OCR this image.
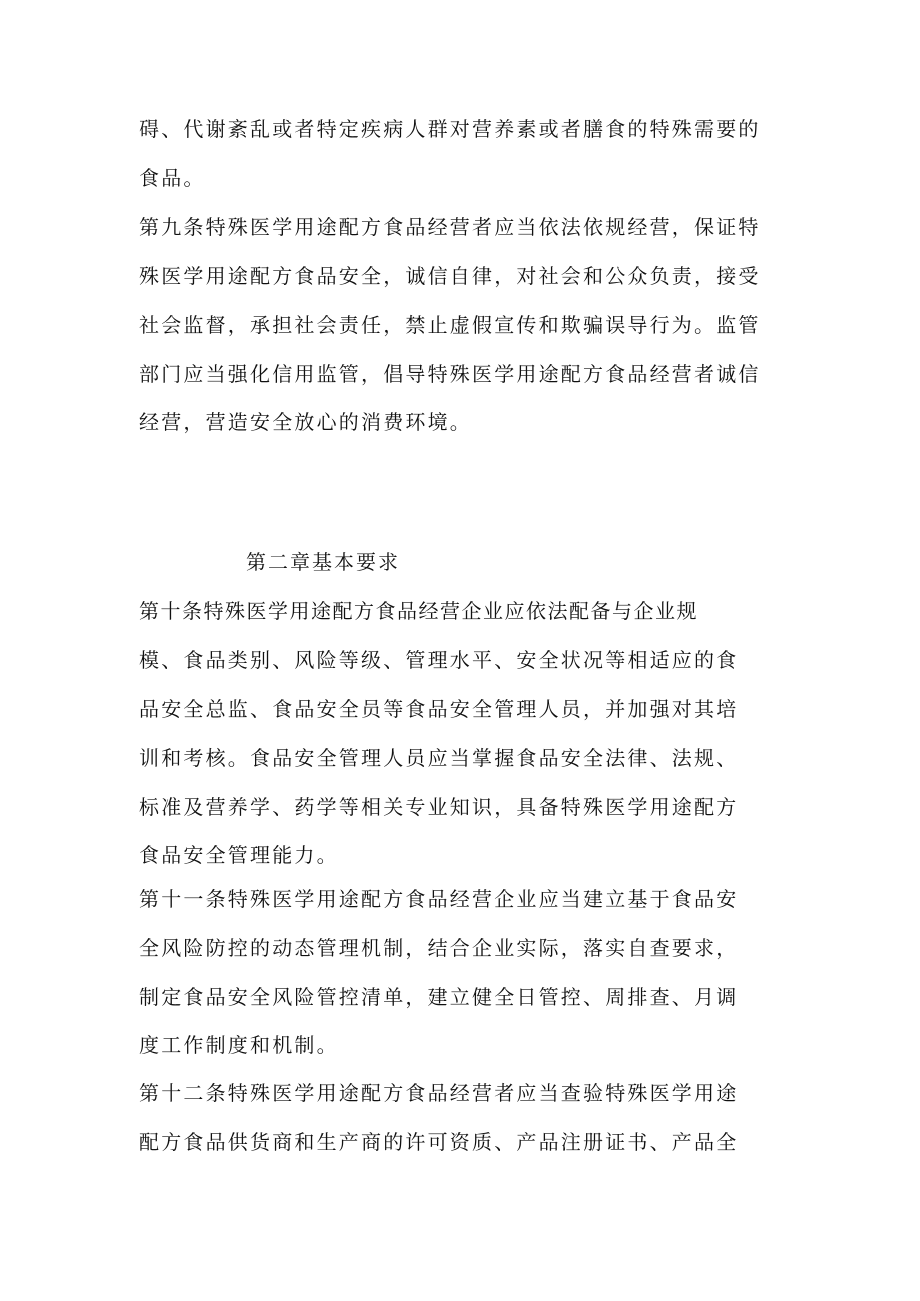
碍、代谢紊乱或者特定疾病人群对营养素或者膳食的特殊需要的
食品。
第九条特殊医学用途配方食品经营者应当依法依规经营，保证特
殊医学用途配方食品安全，诚信自律，对社会和公众负责，接受
社会监督，承担社会责任，禁止虚假宣传和欺骗误导行为。监管
部门应当强化信用监管，倡导特殊医学用途配方食品经营者诚信
经营，营造安全放心的消费环境。
第二章基本要求
第十条特殊医学用途配方食品经营企业应依法配备与企业规
模、食品类别、风险等级、管理水平、安全状况等相适应的食
品安全总监、食品安全员等食品安全管理人员，并加强对其培
训和考核。食品安全管理人员应当掌握食品安全法律、法规、
标准及营养学、药学等相关专业知识，具备特殊医学用途配方
食品安全管理能力。
第十一条特殊医学用途配方食品经营企业应当建立基于食品安
全风险防控的动态管理机制，结合企业实际，落实自查要求，
制定食品安全风险管控清单，建立健全日管控、周排查、月调
度工作制度和机制。
第十二条特殊医学用途配方食品经营者应当查验特殊医学用途
配方食品供货商和生产商的许可资质、产品注册证书、产品全
